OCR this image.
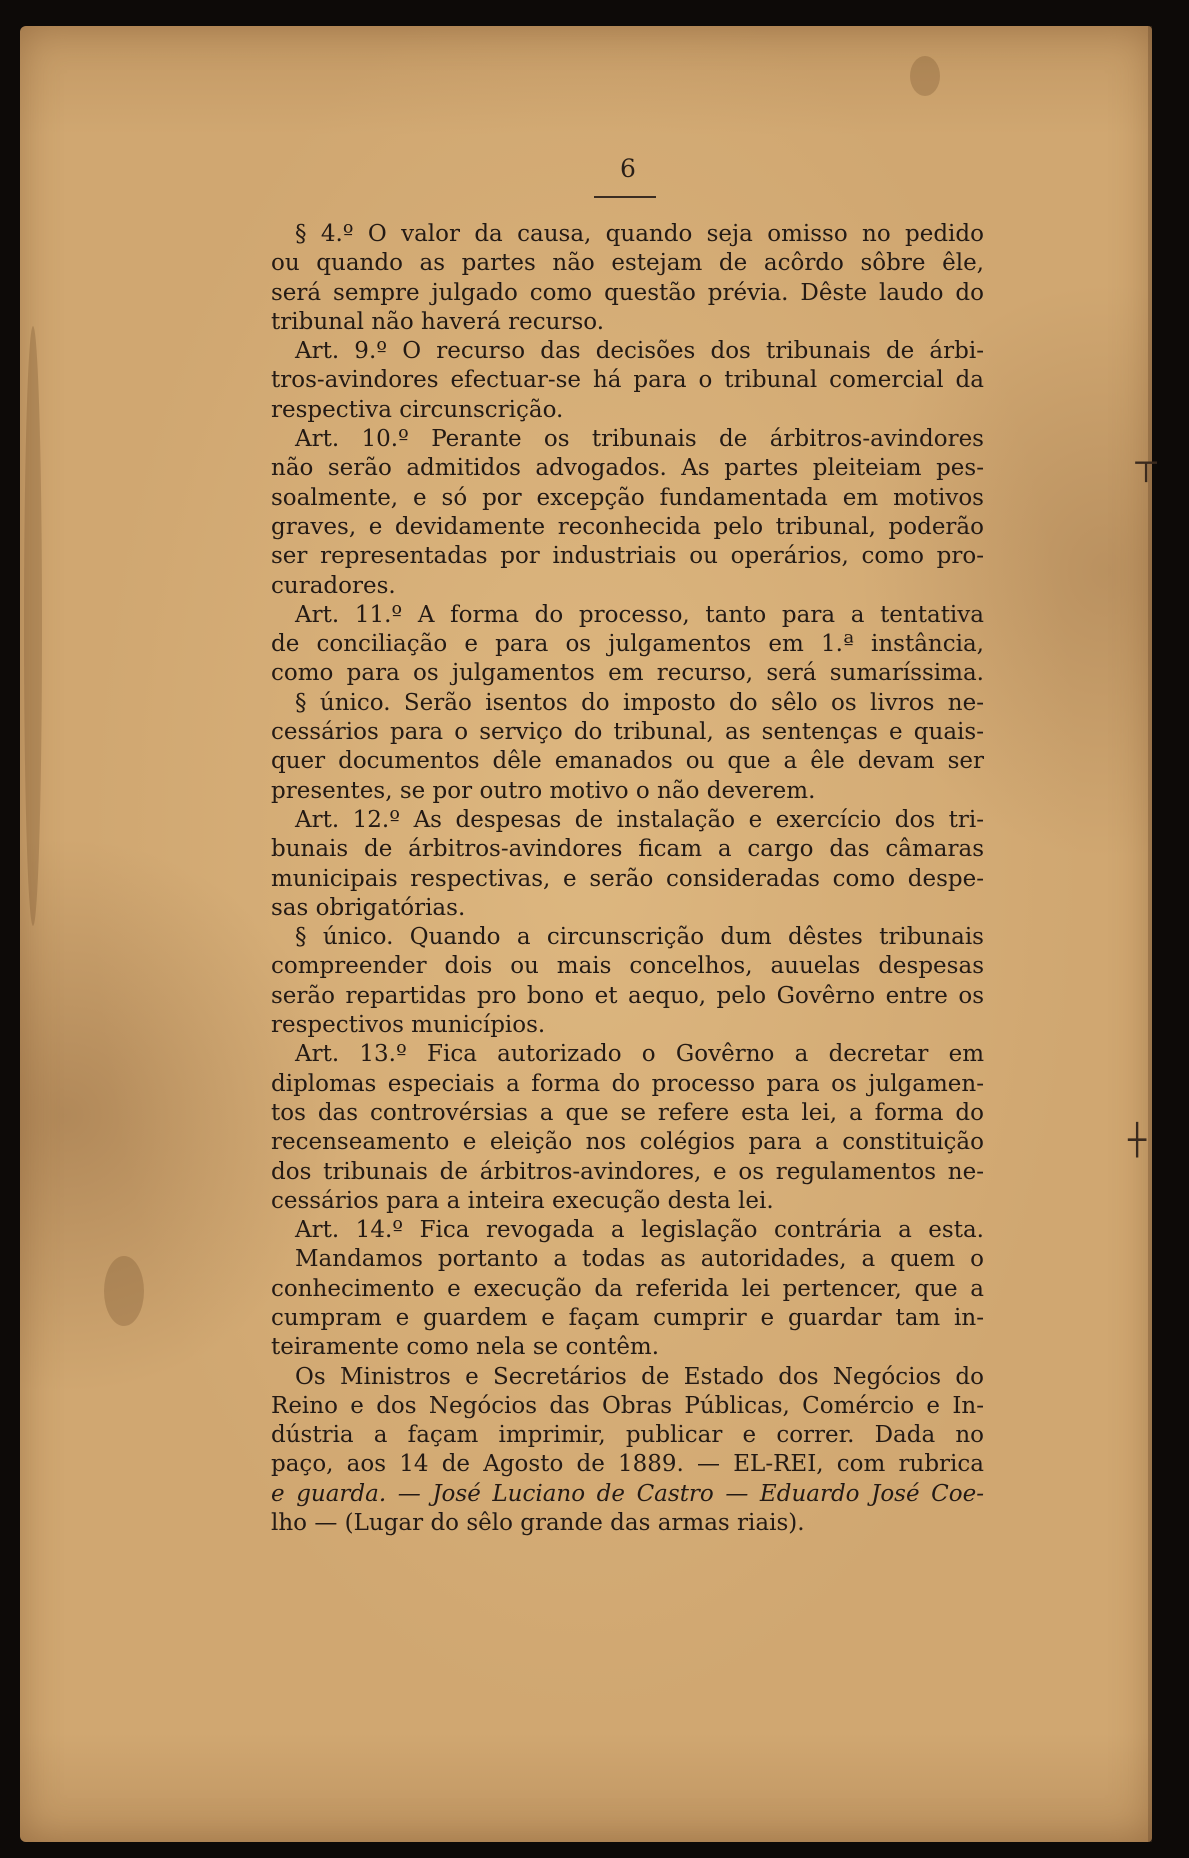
⊤
┼
6
§ 4.º O valor da causa, quando seja omisso no pedido
ou quando as partes não estejam de acôrdo sôbre êle,
será sempre julgado como questão prévia. Dêste laudo do
tribunal não haverá recurso.
Art. 9.º O recurso das decisões dos tribunais de árbi-
tros-avindores efectuar-se há para o tribunal comercial da
respectiva circunscrição.
Art. 10.º Perante os tribunais de árbitros-avindores
não serão admitidos advogados. As partes pleiteiam pes-
soalmente, e só por excepção fundamentada em motivos
graves, e devidamente reconhecida pelo tribunal, poderão
ser representadas por industriais ou operários, como pro-
curadores.
Art. 11.º A forma do processo, tanto para a tentativa
de conciliação e para os julgamentos em 1.ª instância,
como para os julgamentos em recurso, será sumaríssima.
§ único. Serão isentos do imposto do sêlo os livros ne-
cessários para o serviço do tribunal, as sentenças e quais-
quer documentos dêle emanados ou que a êle devam ser
presentes, se por outro motivo o não deverem.
Art. 12.º As despesas de instalação e exercício dos tri-
bunais de árbitros-avindores ficam a cargo das câmaras
municipais respectivas, e serão consideradas como despe-
sas obrigatórias.
§ único. Quando a circunscrição dum dêstes tribunais
compreender dois ou mais concelhos, auuelas despesas
serão repartidas pro bono et aequo, pelo Govêrno entre os
respectivos municípios.
Art. 13.º Fica autorizado o Govêrno a decretar em
diplomas especiais a forma do processo para os julgamen-
tos das controvérsias a que se refere esta lei, a forma do
recenseamento e eleição nos colégios para a constituição
dos tribunais de árbitros-avindores, e os regulamentos ne-
cessários para a inteira execução desta lei.
Art. 14.º Fica revogada a legislação contrária a esta.
Mandamos portanto a todas as autoridades, a quem o
conhecimento e execução da referida lei pertencer, que a
cumpram e guardem e façam cumprir e guardar tam in-
teiramente como nela se contêm.
Os Ministros e Secretários de Estado dos Negócios do
Reino e dos Negócios das Obras Públicas, Comércio e In-
dústria a façam imprimir, publicar e correr. Dada no
paço, aos 14 de Agosto de 1889. — EL-REI, com rubrica
e guarda. — José Luciano de Castro — Eduardo José Coe-
lho — (Lugar do sêlo grande das armas riais).
